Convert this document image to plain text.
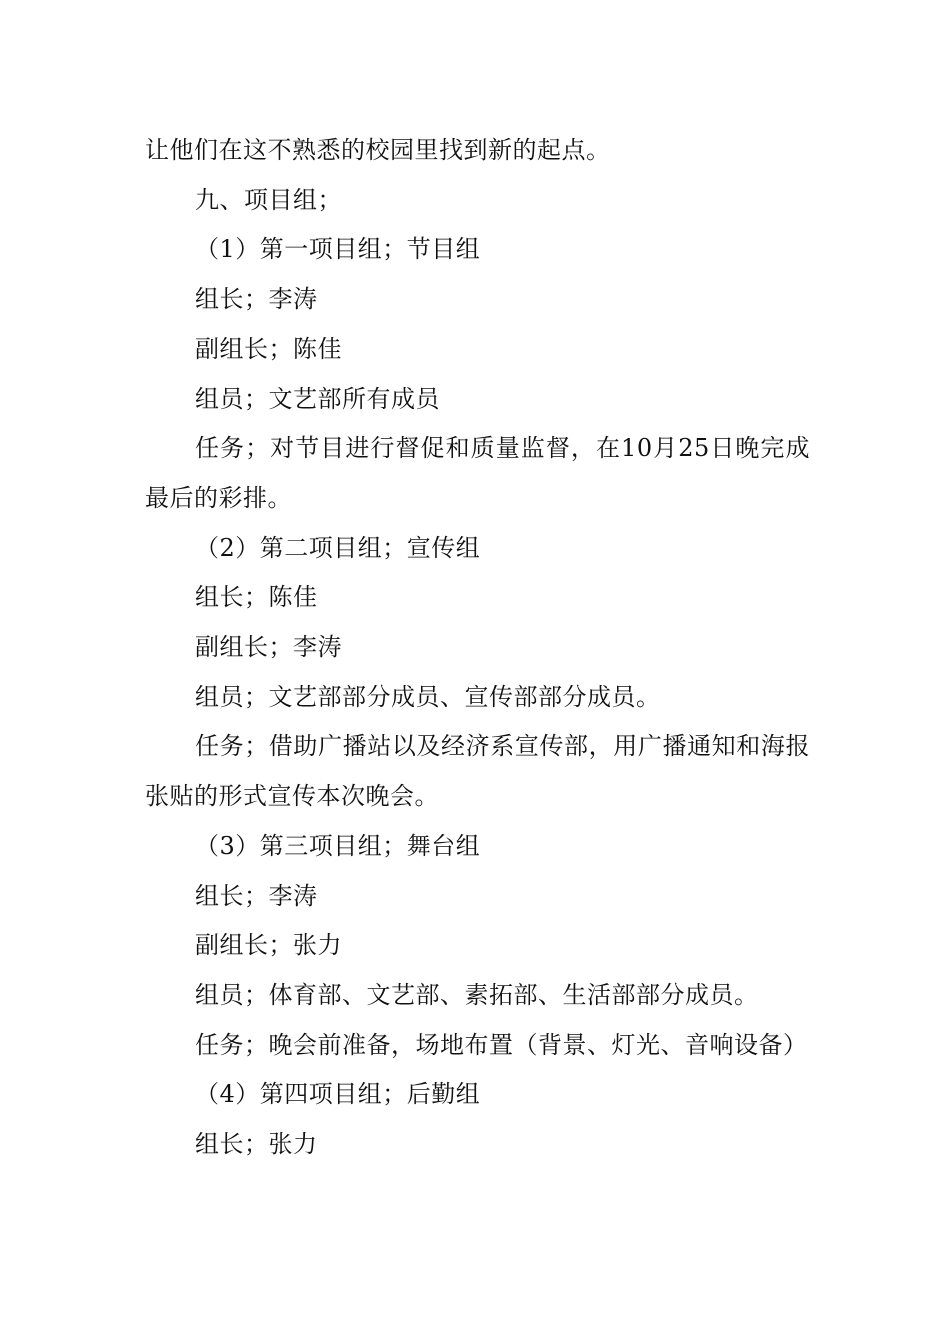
让他们在这不熟悉的校园里找到新的起点。

九、项目组；

（1）第一项目组；节目组

组长；李涛

副组长；陈佳

组员；文艺部所有成员

任务；对节目进行督促和质量监督，在10月25日晚完成最后的彩排。

（2）第二项目组；宣传组

组长；陈佳

副组长；李涛

组员；文艺部部分成员、宣传部部分成员。

任务；借助广播站以及经济系宣传部，用广播通知和海报张贴的形式宣传本次晚会。

（3）第三项目组；舞台组

组长；李涛

副组长；张力

组员；体育部、文艺部、素拓部、生活部部分成员。

任务；晚会前准备，场地布置（背景、灯光、音响设备）

（4）第四项目组；后勤组

组长；张力
